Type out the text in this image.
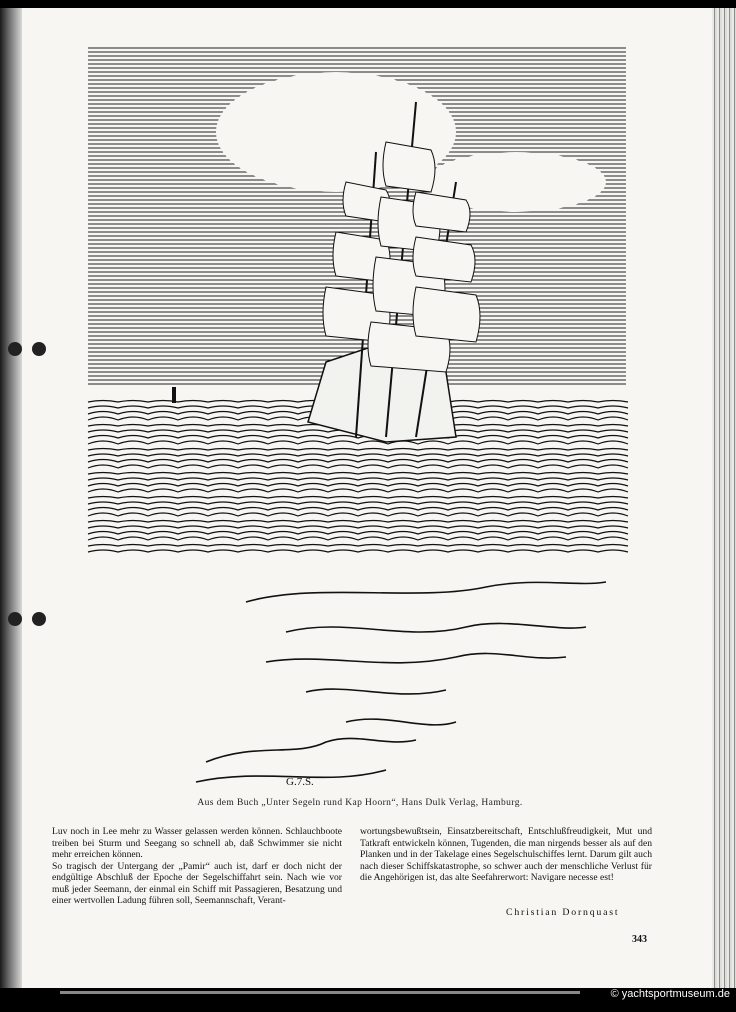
G.7.S.
Aus dem Buch „Unter Segeln rund Kap Hoorn“, Hans Dulk Verlag, Hamburg.

Luv noch in Lee mehr zu Wasser gelassen werden können. Schlauchboote treiben bei Sturm und Seegang so schnell ab, daß Schwimmer sie nicht mehr erreichen können.

So tragisch der Untergang der „Pamir“ auch ist, darf er doch nicht der endgültige Abschluß der Epoche der Segelschiffahrt sein. Nach wie vor muß jeder Seemann, der einmal ein Schiff mit Passagieren, Besatzung und einer wertvollen Ladung führen soll, Seemannschaft, Verant-

wortungsbewußtsein, Einsatzbereitschaft, Entschlußfreudigkeit, Mut und Tatkraft entwickeln können, Tugenden, die man nirgends besser als auf den Planken und in der Takelage eines Segelschulschiffes lernt. Darum gilt auch nach dieser Schiffskatastrophe, so schwer auch der menschliche Verlust für die Angehörigen ist, das alte Seefahrerwort: Navigare necesse est!

Christian Dornquast
343
© yachtsportmuseum.de
